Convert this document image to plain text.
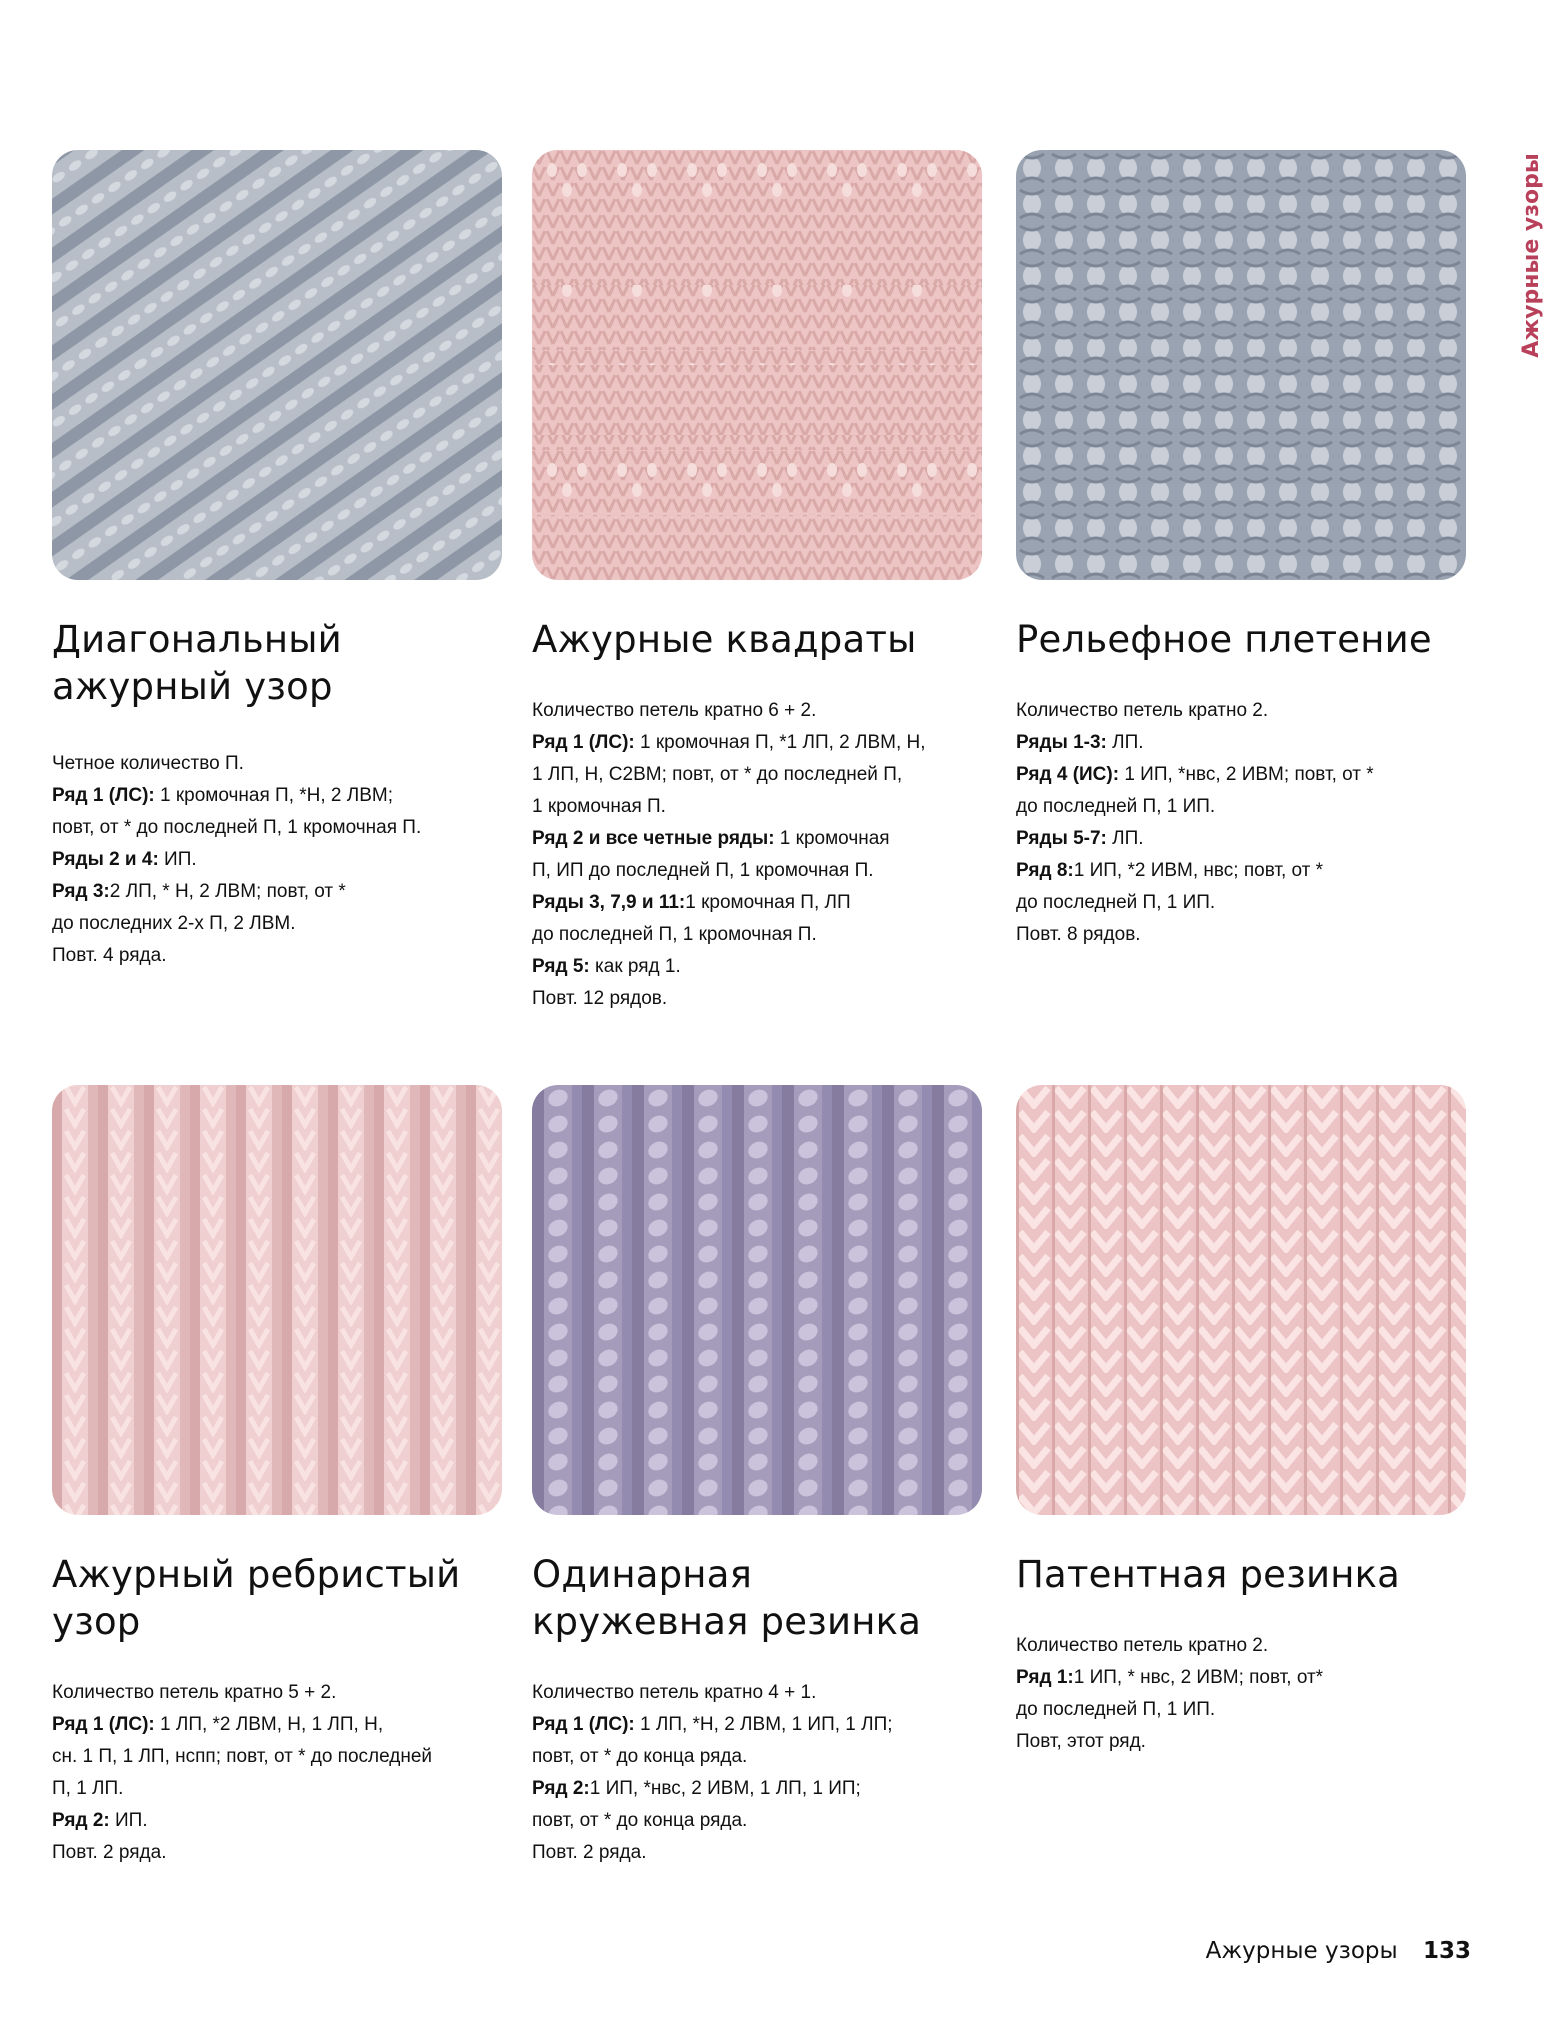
Ажурные узоры
Диагональный
ажурный узор

Четное количество П.

Ряд 1 (ЛС): 1 кромочная П, *Н, 2 ЛВМ;

повт, от * до последней П, 1 кромочная П.

Ряды 2 и 4: ИП.

Ряд 3:2 ЛП, * Н, 2 ЛВМ; повт, от *

до последних 2-х П, 2 ЛВМ.

Повт. 4 ряда.

Ажурные квадраты

Количество петель кратно 6 + 2.

Ряд 1 (ЛС): 1 кромочная П, *1 ЛП, 2 ЛВМ, Н,

1 ЛП, Н, С2ВМ; повт, от * до последней П,

1 кромочная П.

Ряд 2 и все четные ряды: 1 кромочная

П, ИП до последней П, 1 кромочная П.

Ряды 3, 7,9 и 11:1 кромочная П, ЛП

до последней П, 1 кромочная П.

Ряд 5: как ряд 1.

Повт. 12 рядов.

Рельефное плетение

Количество петель кратно 2.

Ряды 1-3: ЛП.

Ряд 4 (ИС): 1 ИП, *нвс, 2 ИВМ; повт, от *

до последней П, 1 ИП.

Ряды 5-7: ЛП.

Ряд 8:1 ИП, *2 ИВМ, нвс; повт, от *

до последней П, 1 ИП.

Повт. 8 рядов.

Ажурный ребристый
узор

Количество петель кратно 5 + 2.

Ряд 1 (ЛС): 1 ЛП, *2 ЛВМ, Н, 1 ЛП, Н,

сн. 1 П, 1 ЛП, нспп; повт, от * до последней

П, 1 ЛП.

Ряд 2: ИП.

Повт. 2 ряда.

Одинарная
кружевная резинка

Количество петель кратно 4 + 1.

Ряд 1 (ЛС): 1 ЛП, *Н, 2 ЛВМ, 1 ИП, 1 ЛП;

повт, от * до конца ряда.

Ряд 2:1 ИП, *нвс, 2 ИВМ, 1 ЛП, 1 ИП;

повт, от * до конца ряда.

Повт. 2 ряда.

Патентная резинка

Количество петель кратно 2.

Ряд 1:1 ИП, * нвс, 2 ИВМ; повт, от*

до последней П, 1 ИП.

Повт, этот ряд.

Ажурные узоры 133
